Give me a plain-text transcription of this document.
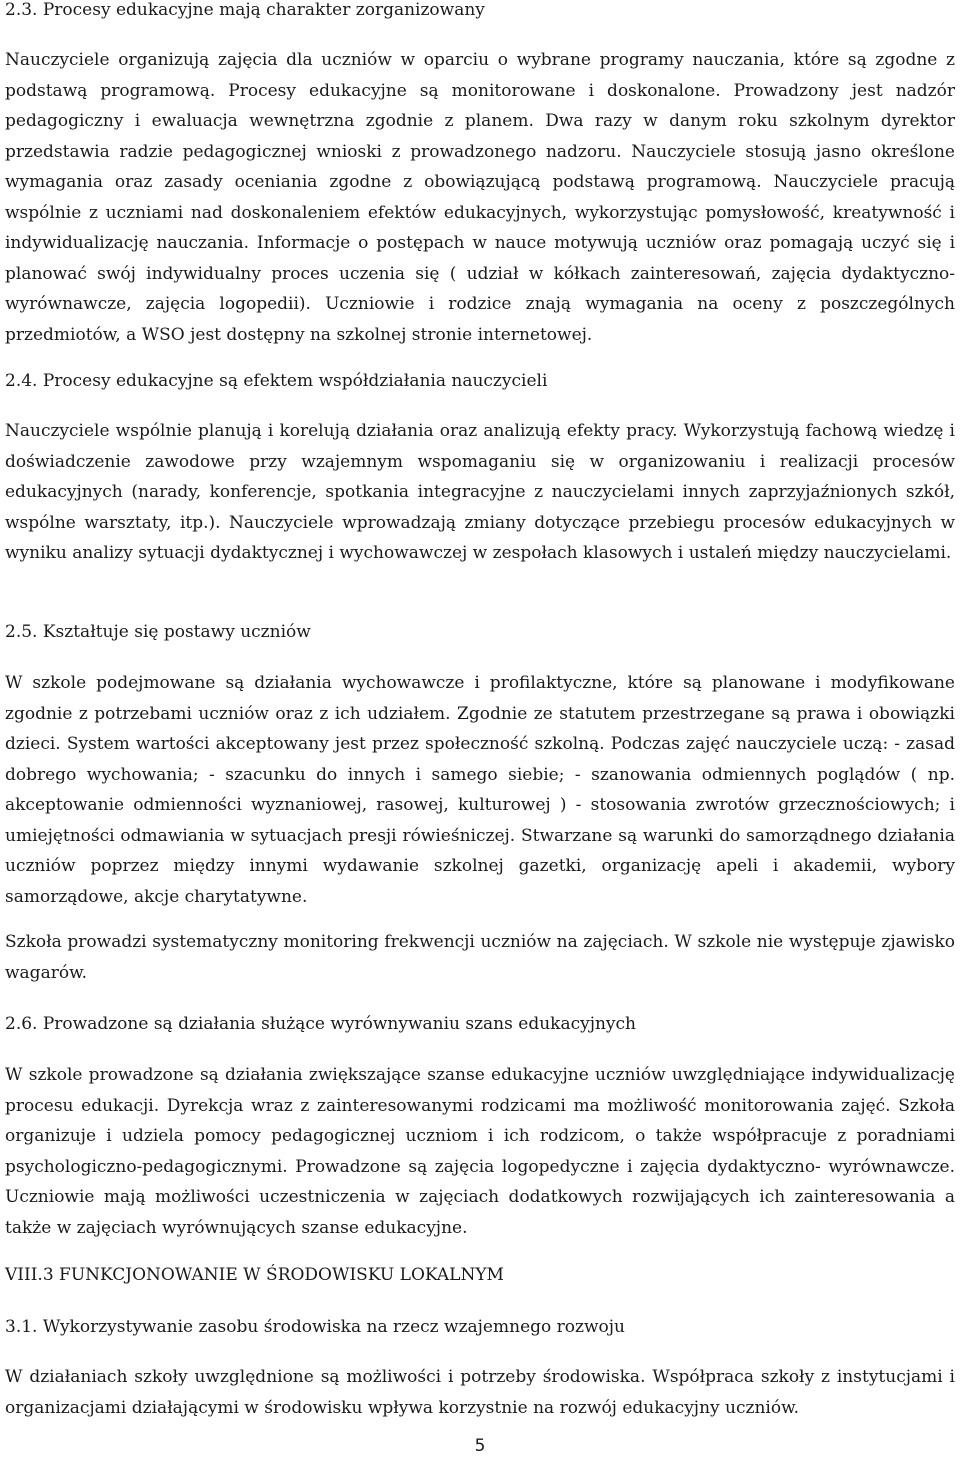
2.3. Procesy edukacyjne mają charakter zorganizowany

Nauczyciele organizują zajęcia dla uczniów w oparciu o wybrane programy nauczania, które są zgodne z podstawą programową. Procesy edukacyjne są monitorowane i doskonalone. Prowadzony jest nadzór pedagogiczny i ewaluacja wewnętrzna zgodnie z planem. Dwa razy w danym roku szkolnym dyrektor przedstawia radzie pedagogicznej wnioski z prowadzonego nadzoru. Nauczyciele stosują jasno określone wymagania oraz zasady oceniania zgodne z obowiązującą podstawą programową. Nauczyciele pracują wspólnie z uczniami nad doskonaleniem efektów edukacyjnych, wykorzystując pomysłowość, kreatywność i indywidualizację nauczania. Informacje o postępach w nauce motywują uczniów oraz pomagają uczyć się i planować swój indywidualny proces uczenia się ( udział w kółkach zainteresowań, zajęcia dydaktyczno- wyrównawcze, zajęcia logopedii). Uczniowie i rodzice znają wymagania na oceny z poszczególnych przedmiotów, a WSO jest dostępny na szkolnej stronie internetowej.

2.4. Procesy edukacyjne są efektem współdziałania nauczycieli

Nauczyciele wspólnie planują i korelują działania oraz analizują efekty pracy. Wykorzystują fachową wiedzę i doświadczenie zawodowe przy wzajemnym wspomaganiu się w organizowaniu i realizacji procesów edukacyjnych (narady, konferencje, spotkania integracyjne z nauczycielami innych zaprzyjaźnionych szkół, wspólne warsztaty, itp.). Nauczyciele wprowadzają zmiany dotyczące przebiegu procesów edukacyjnych w wyniku analizy sytuacji dydaktycznej i wychowawczej w zespołach klasowych i ustaleń między nauczycielami.

2.5. Kształtuje się postawy uczniów

W szkole podejmowane są działania wychowawcze i profilaktyczne, które są planowane i modyfikowane zgodnie z potrzebami uczniów oraz z ich udziałem. Zgodnie ze statutem przestrzegane są prawa i obowiązki dzieci. System wartości akceptowany jest przez społeczność szkolną. Podczas zajęć nauczyciele uczą: - zasad dobrego wychowania; - szacunku do innych i samego siebie; - szanowania odmiennych poglądów ( np. akceptowanie odmienności wyznaniowej, rasowej, kulturowej ) - stosowania zwrotów grzecznościowych; i umiejętności odmawiania w sytuacjach presji rówieśniczej. Stwarzane są warunki do samorządnego działania uczniów poprzez między innymi wydawanie szkolnej gazetki, organizację apeli i akademii, wybory samorządowe, akcje charytatywne.

Szkoła prowadzi systematyczny monitoring frekwencji uczniów na zajęciach. W szkole nie występuje zjawisko wagarów.

2.6. Prowadzone są działania służące wyrównywaniu szans edukacyjnych

W szkole prowadzone są działania zwiększające szanse edukacyjne uczniów uwzględniające indywidualizację procesu edukacji. Dyrekcja wraz z zainteresowanymi rodzicami ma możliwość monitorowania zajęć. Szkoła organizuje i udziela pomocy pedagogicznej uczniom i ich rodzicom, o także współpracuje z poradniami psychologiczno-pedagogicznymi. Prowadzone są zajęcia logopedyczne i zajęcia dydaktyczno- wyrównawcze. Uczniowie mają możliwości uczestniczenia w zajęciach dodatkowych rozwijających ich zainteresowania a także w zajęciach wyrównujących szanse edukacyjne.

VIII.3 FUNKCJONOWANIE W ŚRODOWISKU LOKALNYM
3.1. Wykorzystywanie zasobu środowiska na rzecz wzajemnego rozwoju

W działaniach szkoły uwzględnione są możliwości i potrzeby środowiska. Współpraca szkoły z instytucjami i organizacjami działającymi w środowisku wpływa korzystnie na rozwój edukacyjny uczniów.

5
